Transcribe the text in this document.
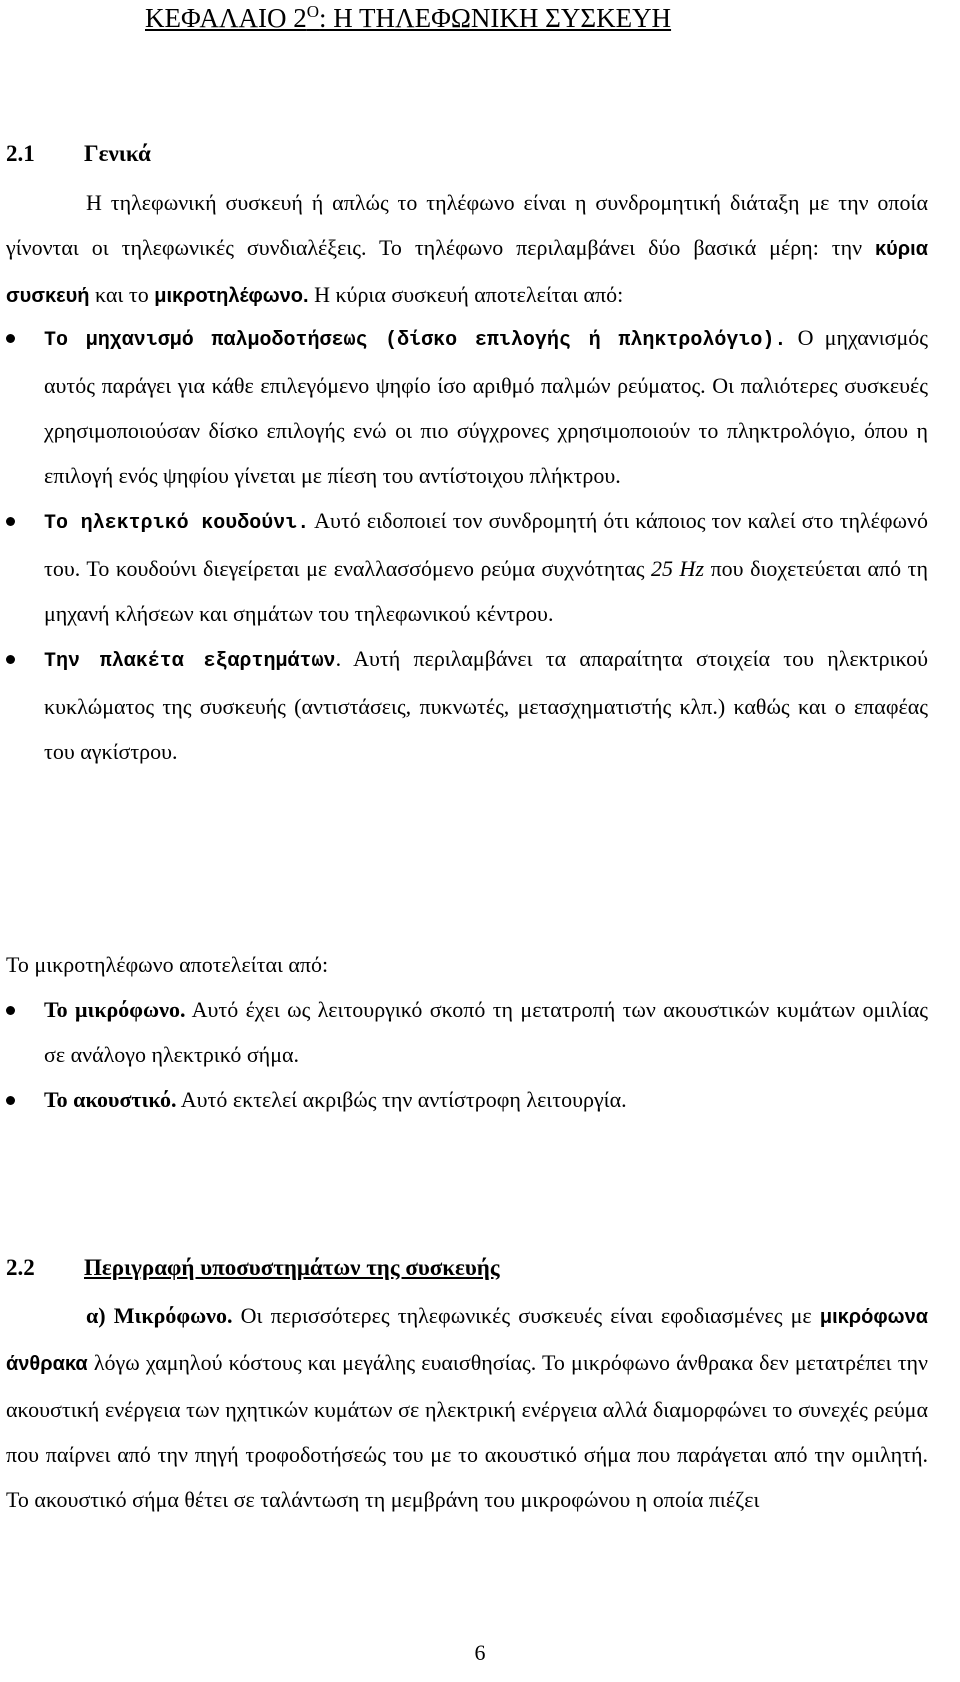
ΚΕΦΑΛΑΙΟ $2^O$: Η ΤΗΛΕΦΩΝΙΚΗ ΣΥΣΚΕΥΗ
2.1 Γενικά

Η τηλεφωνική συσκευή ή απλώς το τηλέφωνο είναι η συνδρομητική διάταξη με την οποία γίνονται οι τηλεφωνικές συνδιαλέξεις. Το τηλέφωνο περιλαμβάνει δύο βασικά μέρη: την κύρια συσκευή και το μικροτηλέφωνο. Η κύρια συσκευή αποτελείται από:

Το μηχανισμό παλμοδοτήσεως (δίσκο επιλογής ή πληκτρολόγιο). Ο μηχανισμός αυτός παράγει για κάθε επιλεγόμενο ψηφίο ίσο αριθμό παλμών ρεύματος. Οι παλιότερες συσκευές χρησιμοποιούσαν δίσκο επιλογής ενώ οι πιο σύγχρονες χρησιμοποιούν το πληκτρολόγιο, όπου η επιλογή ενός ψηφίου γίνεται με πίεση του αντίστοιχου πλήκτρου.
Το ηλεκτρικό κουδούνι. Αυτό ειδοποιεί τον συνδρομητή ότι κάποιος τον καλεί στο τηλέφωνό του. Το κουδούνι διεγείρεται με εναλλασσόμενο ρεύμα συχνότητας 25 Hz που διοχετεύεται από τη μηχανή κλήσεων και σημάτων του τηλεφωνικού κέντρου.
Την πλακέτα εξαρτημάτων. Αυτή περιλαμβάνει τα απαραίτητα στοιχεία του ηλεκτρικού κυκλώματος της συσκευής (αντιστάσεις, πυκνωτές, μετασχηματιστής κλπ.) καθώς και ο επαφέας του αγκίστρου.

Το μικροτηλέφωνο αποτελείται από:

Το μικρόφωνο. Αυτό έχει ως λειτουργικό σκοπό τη μετατροπή των ακουστικών κυμάτων ομιλίας σε ανάλογο ηλεκτρικό σήμα.
Το ακουστικό. Αυτό εκτελεί ακριβώς την αντίστροφη λειτουργία.
2.2 Περιγραφή υποσυστημάτων της συσκευής

α) Μικρόφωνο. Οι περισσότερες τηλεφωνικές συσκευές είναι εφοδιασμένες με μικρόφωνα άνθρακα λόγω χαμηλού κόστους και μεγάλης ευαισθησίας. Το μικρόφωνο άνθρακα δεν μετατρέπει την ακουστική ενέργεια των ηχητικών κυμάτων σε ηλεκτρική ενέργεια αλλά διαμορφώνει το συνεχές ρεύμα που παίρνει από την πηγή τροφοδοτήσεώς του με το ακουστικό σήμα που παράγεται από την ομιλητή. Το ακουστικό σήμα θέτει σε ταλάντωση τη μεμβράνη του μικροφώνου η οποία πιέζει

6
